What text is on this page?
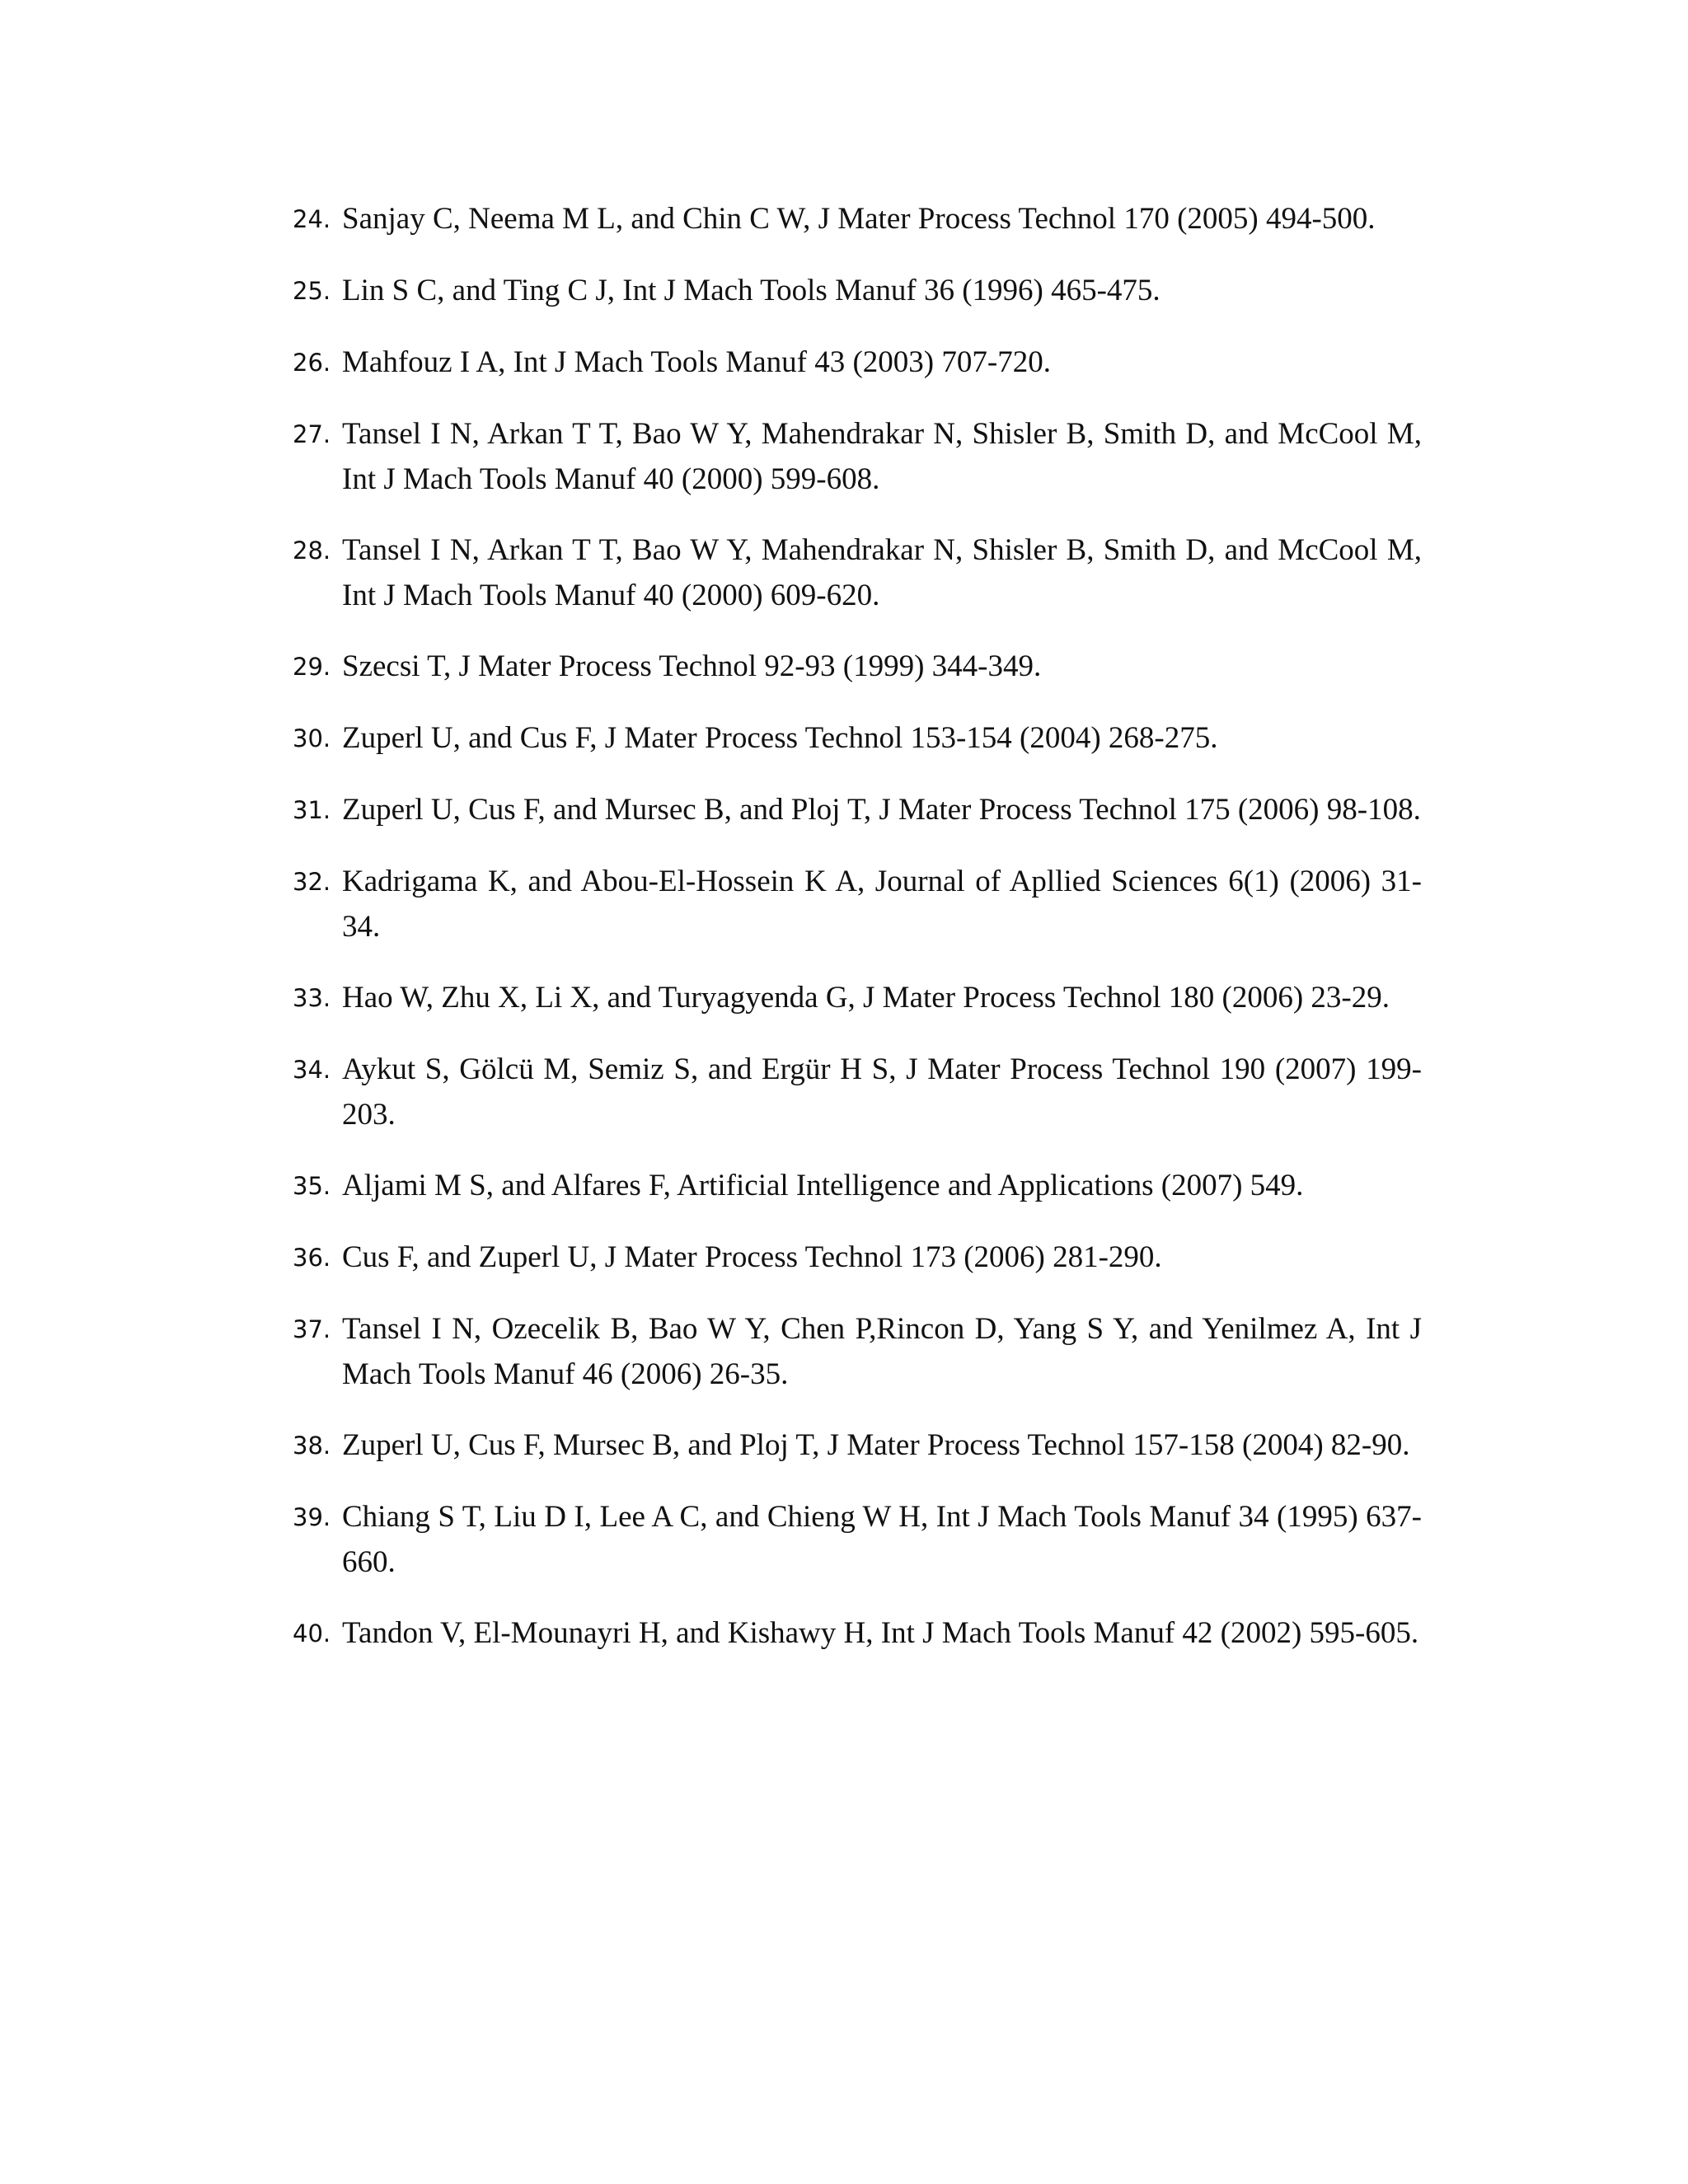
24. Sanjay C, Neema M L, and Chin C W, J Mater Process Technol 170 (2005) 494-500.
25. Lin S C, and Ting C J, Int J Mach Tools Manuf 36 (1996) 465-475.
26. Mahfouz I A, Int J Mach Tools Manuf 43 (2003) 707-720.
27. Tansel I N, Arkan T T, Bao W Y, Mahendrakar N, Shisler B, Smith D, and McCool M, Int J Mach Tools Manuf 40 (2000) 599-608.
28. Tansel I N, Arkan T T, Bao W Y, Mahendrakar N, Shisler B, Smith D, and McCool M, Int J Mach Tools Manuf 40 (2000) 609-620.
29. Szecsi T, J Mater Process Technol 92-93 (1999) 344-349.
30. Zuperl U, and Cus F, J Mater Process Technol 153-154 (2004) 268-275.
31. Zuperl U, Cus F, and Mursec B, and Ploj T, J Mater Process Technol 175 (2006) 98-108.
32. Kadrigama K, and Abou-El-Hossein K A, Journal of Apllied Sciences 6(1) (2006) 31-34.
33. Hao W, Zhu X, Li X, and Turyagyenda G, J Mater Process Technol 180 (2006) 23-29.
34. Aykut S, Gölcü M, Semiz S, and Ergür H S, J Mater Process Technol 190 (2007) 199-203.
35. Aljami M S, and Alfares F, Artificial Intelligence and Applications (2007) 549.
36. Cus F, and Zuperl U, J Mater Process Technol 173 (2006) 281-290.
37. Tansel I N, Ozecelik B, Bao W Y, Chen P,Rincon D, Yang S Y, and Yenilmez A, Int J Mach Tools Manuf 46 (2006) 26-35.
38. Zuperl U, Cus F, Mursec B, and Ploj T, J Mater Process Technol 157-158 (2004) 82-90.
39. Chiang S T, Liu D I, Lee A C, and Chieng W H, Int J Mach Tools Manuf 34 (1995) 637-660.
40. Tandon V, El-Mounayri H, and Kishawy H, Int J Mach Tools Manuf 42 (2002) 595-605.
